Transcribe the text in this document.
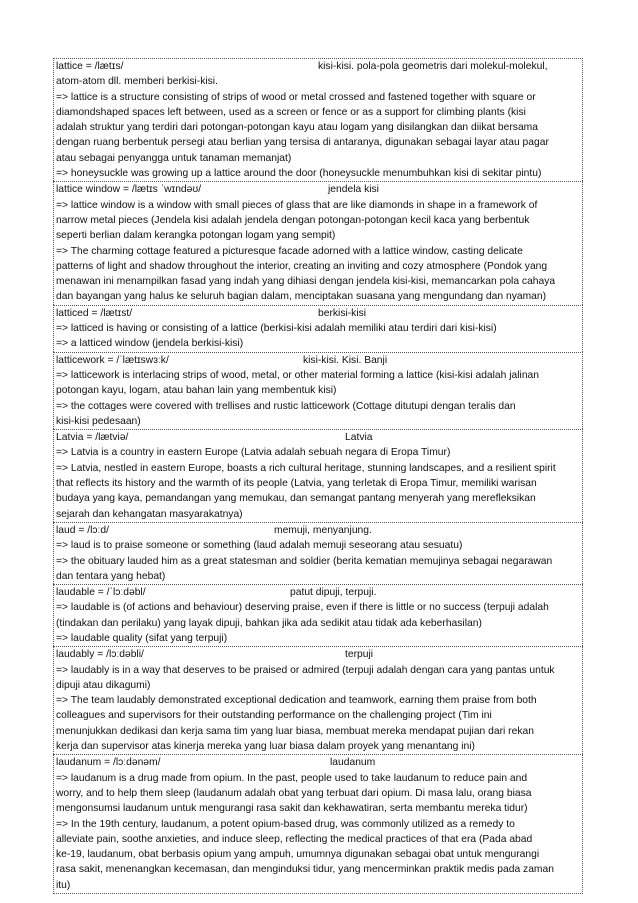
lattice = /lætɪs/	kisi-kisi. pola-pola geometris dari molekul-molekul,
atom-atom dll. memberi berkisi-kisi.
=> lattice is a structure consisting of strips of wood or metal crossed and fastened together with square or
diamondshaped spaces left between, used as a screen or fence or as a support for climbing plants (kisi
adalah struktur yang terdiri dari potongan-potongan kayu atau logam yang disilangkan dan diikat bersama
dengan ruang berbentuk persegi atau berlian yang tersisa di antaranya, digunakan sebagai layar atau pagar
atau sebagai penyangga untuk tanaman memanjat)
=> honeysuckle was growing up a lattice around the door (honeysuckle menumbuhkan kisi di sekitar pintu)
lattice window = /lætɪs ˈwɪndəʊ/	jendela kisi
=> lattice window is a window with small pieces of glass that are like diamonds in shape in a framework of
narrow metal pieces (Jendela kisi adalah jendela dengan potongan-potongan kecil kaca yang berbentuk
seperti berlian dalam kerangka potongan logam yang sempit)
=> The charming cottage featured a picturesque facade adorned with a lattice window, casting delicate
patterns of light and shadow throughout the interior, creating an inviting and cozy atmosphere (Pondok yang
menawan ini menampilkan fasad yang indah yang dihiasi dengan jendela kisi-kisi, memancarkan pola cahaya
dan bayangan yang halus ke seluruh bagian dalam, menciptakan suasana yang mengundang dan nyaman)
latticed = /lætɪst/	berkisi-kisi
=> latticed is having or consisting of a lattice (berkisi-kisi adalah memiliki atau terdiri dari kisi-kisi)
=> a latticed window (jendela berkisi-kisi)
latticework = /ˈlætɪswɜːk/	kisi-kisi. Kisi. Banji
=> latticework is interlacing strips of wood, metal, or other material forming a lattice (kisi-kisi adalah jalinan
potongan kayu, logam, atau bahan lain yang membentuk kisi)
=> the cottages were covered with trellises and rustic latticework (Cottage ditutupi dengan teralis dan
kisi-kisi pedesaan)
Latvia = /lætviə/	Latvia
=> Latvia is a country in eastern Europe (Latvia adalah sebuah negara di Eropa Timur)
=> Latvia, nestled in eastern Europe, boasts a rich cultural heritage, stunning landscapes, and a resilient spirit
that reflects its history and the warmth of its people (Latvia, yang terletak di Eropa Timur, memiliki warisan
budaya yang kaya, pemandangan yang memukau, dan semangat pantang menyerah yang merefleksikan
sejarah dan kehangatan masyarakatnya)
laud = /lɔːd/	memuji, menyanjung.
=> laud is to praise someone or something (laud adalah memuji seseorang atau sesuatu)
=> the obituary lauded him as a great statesman and soldier (berita kematian memujinya sebagai negarawan
dan tentara yang hebat)
laudable = /ˈlɔːdəbl/	patut dipuji, terpuji.
=> laudable is (of actions and behaviour) deserving praise, even if there is little or no success (terpuji adalah
(tindakan dan perilaku) yang layak dipuji, bahkan jika ada sedikit atau tidak ada keberhasilan)
=> laudable quality (sifat yang terpuji)
laudably = /lɔːdəbli/	terpuji
=> laudably is in a way that deserves to be praised or admired (terpuji adalah dengan cara yang pantas untuk
dipuji atau dikagumi)
=> The team laudably demonstrated exceptional dedication and teamwork, earning them praise from both
colleagues and supervisors for their outstanding performance on the challenging project (Tim ini
menunjukkan dedikasi dan kerja sama tim yang luar biasa, membuat mereka mendapat pujian dari rekan
kerja dan supervisor atas kinerja mereka yang luar biasa dalam proyek yang menantang ini)
laudanum = /lɔːdənəm/	laudanum
=> laudanum is a drug made from opium. In the past, people used to take laudanum to reduce pain and
worry, and to help them sleep (laudanum adalah obat yang terbuat dari opium. Di masa lalu, orang biasa
mengonsumsi laudanum untuk mengurangi rasa sakit dan kekhawatiran, serta membantu mereka tidur)
=> In the 19th century, laudanum, a potent opium-based drug, was commonly utilized as a remedy to
alleviate pain, soothe anxieties, and induce sleep, reflecting the medical practices of that era (Pada abad
ke-19, laudanum, obat berbasis opium yang ampuh, umumnya digunakan sebagai obat untuk mengurangi
rasa sakit, menenangkan kecemasan, dan menginduksi tidur, yang mencerminkan praktik medis pada zaman
itu)
